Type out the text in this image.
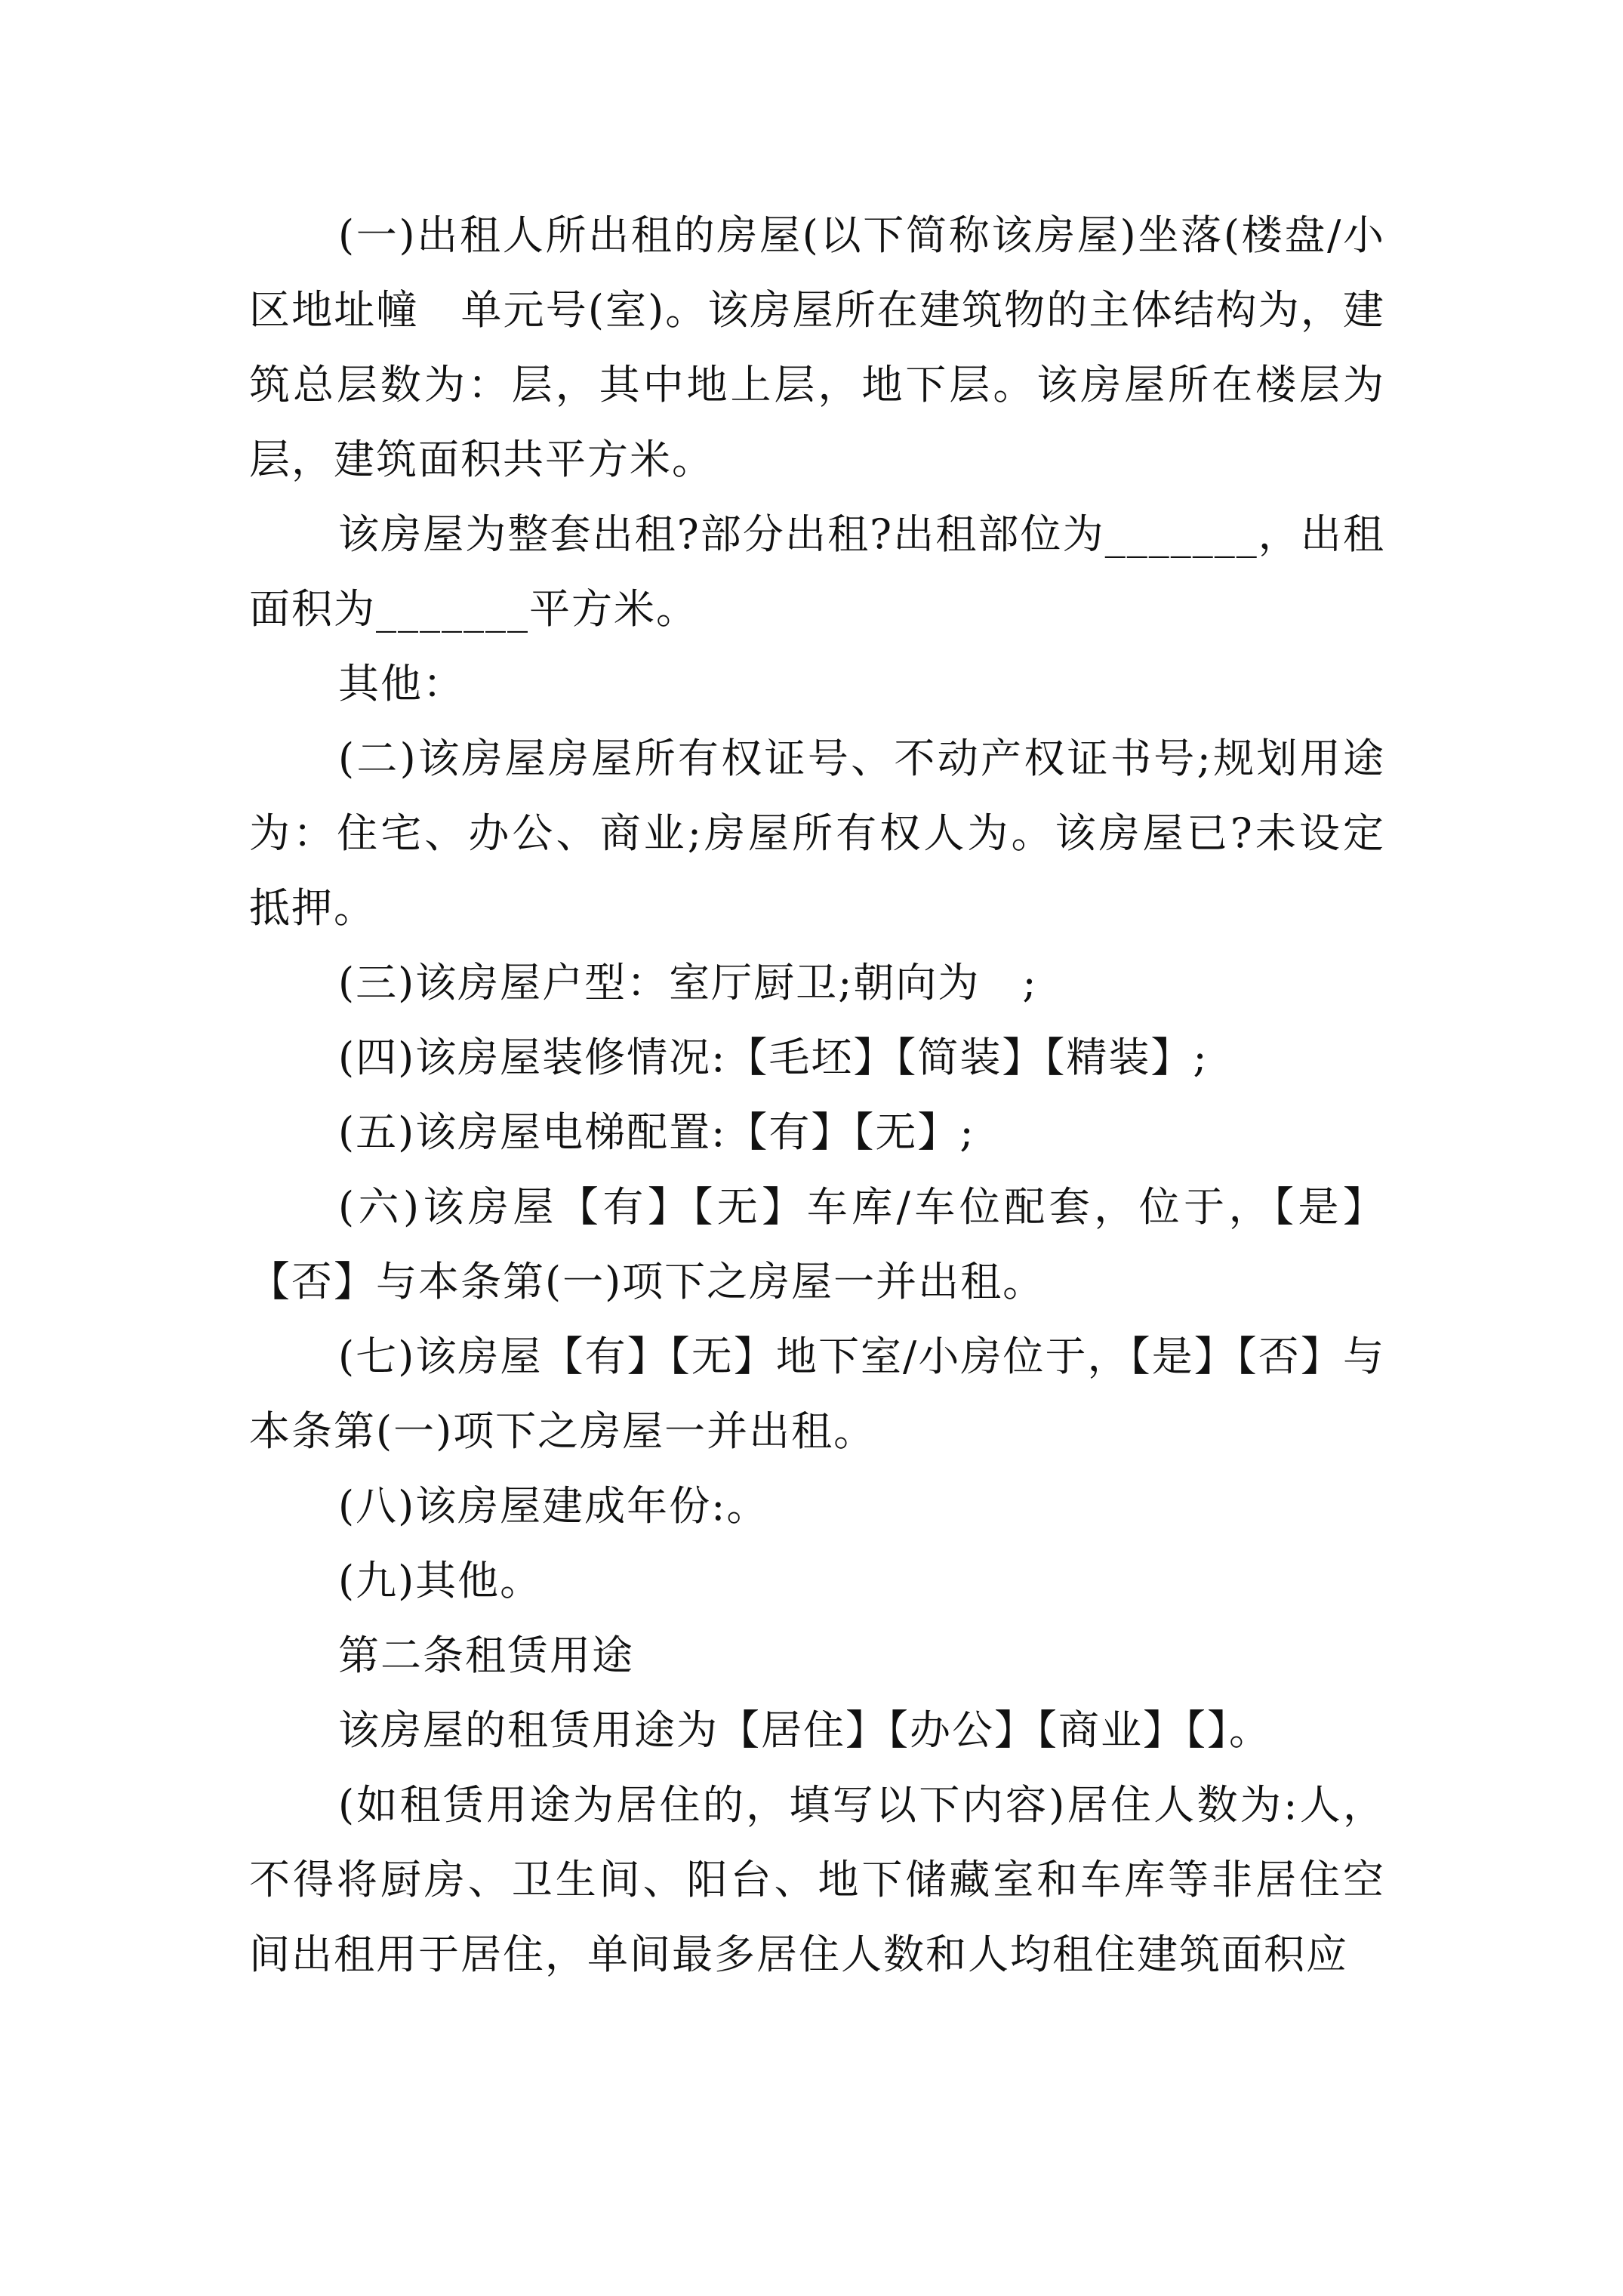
(一)出租人所出租的房屋(以下简称该房屋)坐落(楼盘/小区地址幢　单元号(室)。该房屋所在建筑物的主体结构为，建筑总层数为：层，其中地上层，地下层。该房屋所在楼层为层，建筑面积共平方米。

该房屋为整套出租?部分出租?出租部位为_______，出租面积为_______平方米。

其他：

(二)该房屋房屋所有权证号、不动产权证书号;规划用途为：住宅、办公、商业;房屋所有权人为。该房屋已?未设定抵押。

(三)该房屋户型：室厅厨卫;朝向为　;

(四)该房屋装修情况:【毛坯】【简装】【精装】;

(五)该房屋电梯配置:【有】【无】;

(六)该房屋【有】【无】车库/车位配套，位于，【是】【否】与本条第(一)项下之房屋一并出租。

(七)该房屋【有】【无】地下室/小房位于，【是】【否】与本条第(一)项下之房屋一并出租。

(八)该房屋建成年份:。

(九)其他。

第二条租赁用途

该房屋的租赁用途为【居住】【办公】【商业】【】。

(如租赁用途为居住的，填写以下内容)居住人数为:人，不得将厨房、卫生间、阳台、地下储藏室和车库等非居住空间出租用于居住，单间最多居住人数和人均租住建筑面积应
